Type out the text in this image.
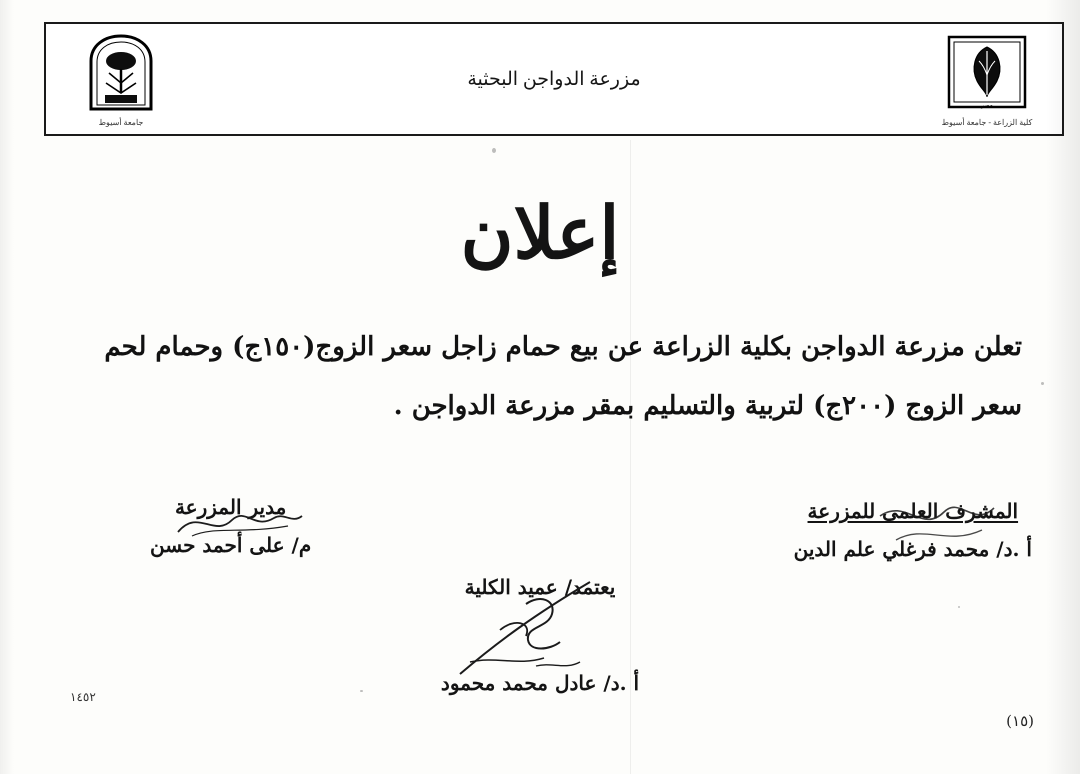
مصر
كلية الزراعة - جامعة أسيوط
مزرعة الدواجن البحثية
جامعة أسيوط
إعلان

تعلن مزرعة الدواجن بكلية الزراعة عن بيع حمام زاجل سعر الزوج(١٥٠ج) وحمام لحم

سعر الزوج (٢٠٠ج) لتربية والتسليم بمقر مزرعة الدواجن .

مدير المزرعة
م/ على أحمد حسن
المشرف العلمى للمزرعة
أ .د/ محمد فرغلي علم الدين
يعتمد/ عميد الكلية
أ .د/ عادل محمد محمود
(١٥)
١٤٥٢
